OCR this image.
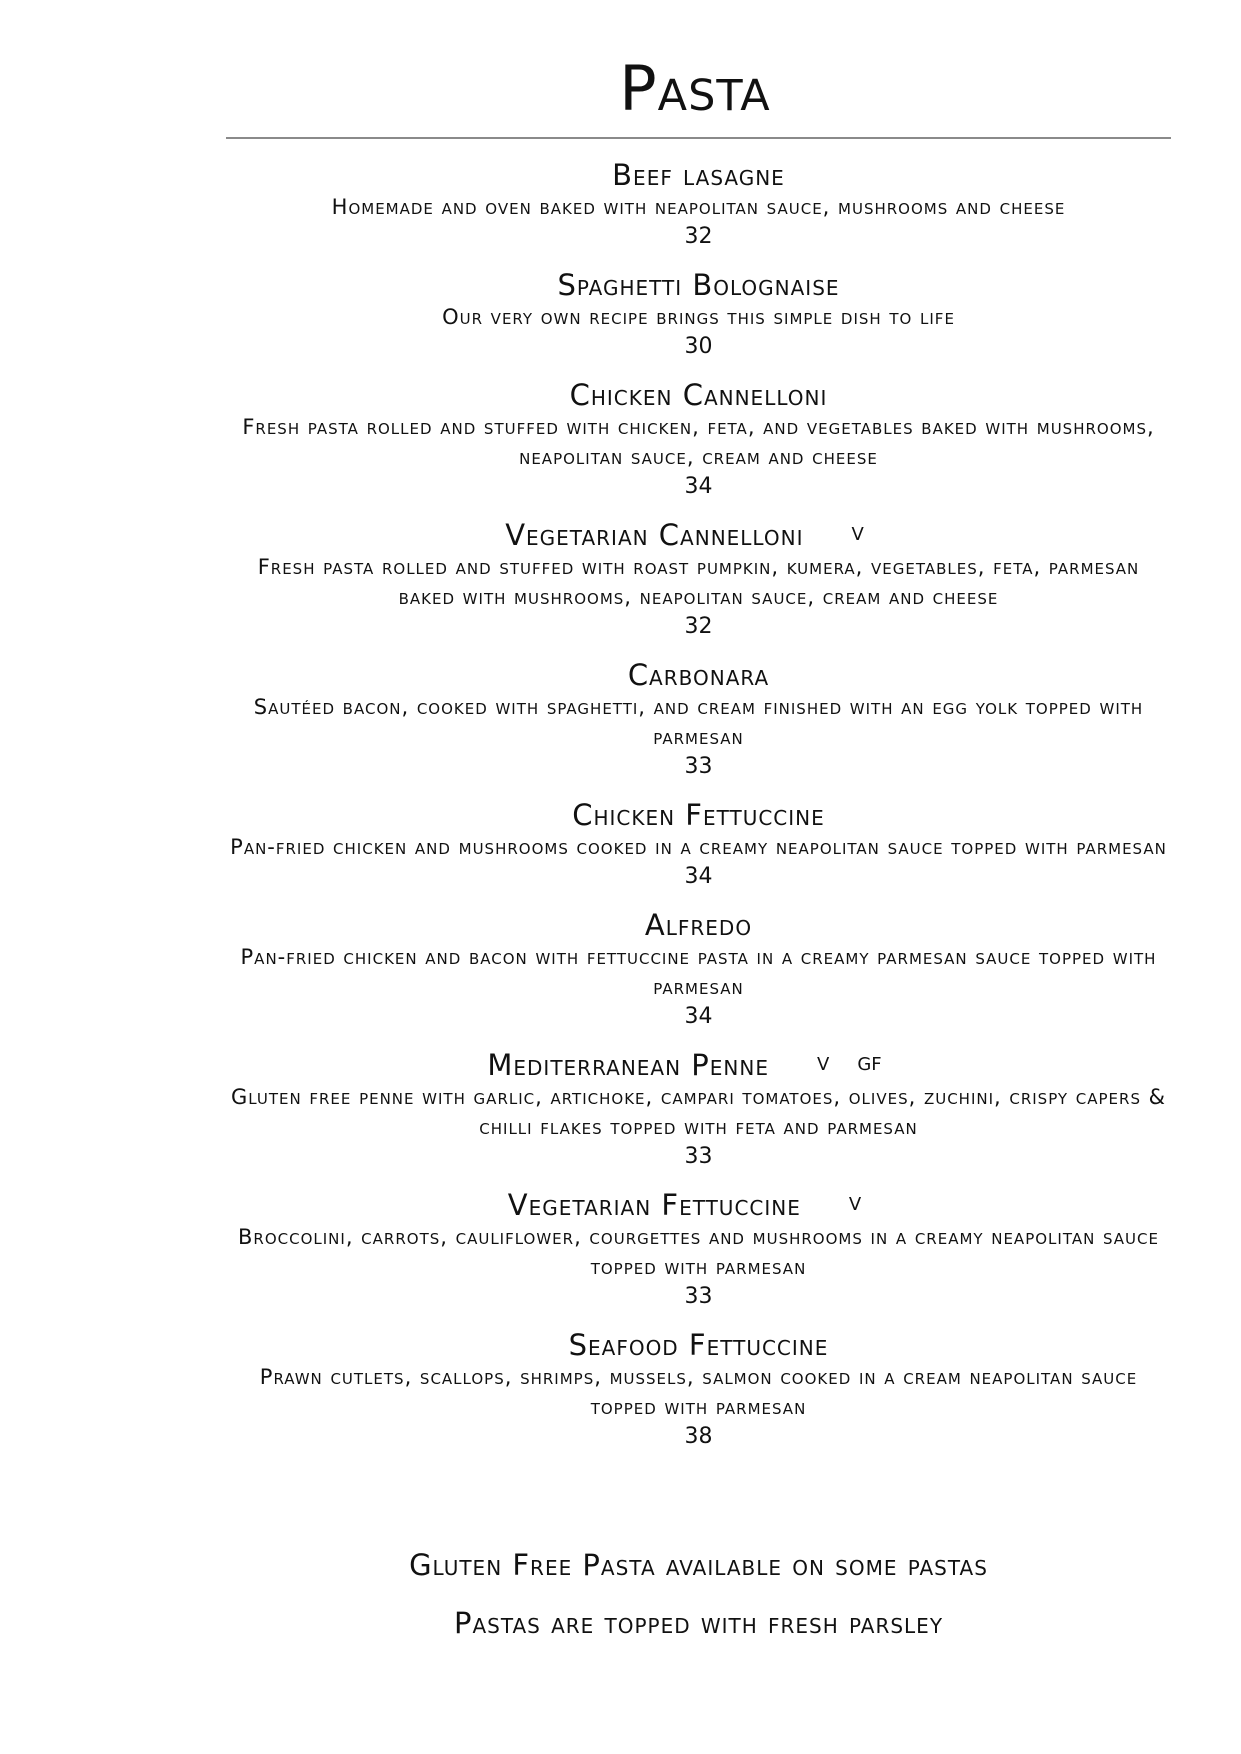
Pasta
Beef lasagne
Homemade and oven baked with neapolitan sauce, mushrooms and cheese
32
Spaghetti Bolognaise
Our very own recipe brings this simple dish to life
30
Chicken Cannelloni
Fresh pasta rolled and stuffed with chicken, feta, and vegetables baked with mushrooms, neapolitan sauce, cream and cheese
34
Vegetarian Cannelloni	V
Fresh pasta rolled and stuffed with roast pumpkin, kumera, vegetables, feta, parmesan baked with mushrooms, neapolitan sauce, cream and cheese
32
Carbonara
Sautéed bacon, cooked with spaghetti, and cream finished with an egg yolk topped with parmesan
33
Chicken Fettuccine
Pan-fried chicken and mushrooms cooked in a creamy neapolitan sauce topped with parmesan
34
Alfredo
Pan-fried chicken and bacon with fettuccine pasta in a creamy parmesan sauce topped with parmesan
34
Mediterranean Penne	V GF
Gluten free penne with garlic, artichoke, campari tomatoes, olives, zuchini, crispy capers & chilli flakes topped with feta and parmesan
33
Vegetarian Fettuccine	V
Broccolini, carrots, cauliflower, courgettes and mushrooms in a creamy neapolitan sauce topped with parmesan
33
Seafood Fettuccine
Prawn cutlets, scallops, shrimps, mussels, salmon cooked in a cream neapolitan sauce topped with parmesan
38
Gluten Free Pasta available on some pastas
Pastas are topped with fresh parsley
